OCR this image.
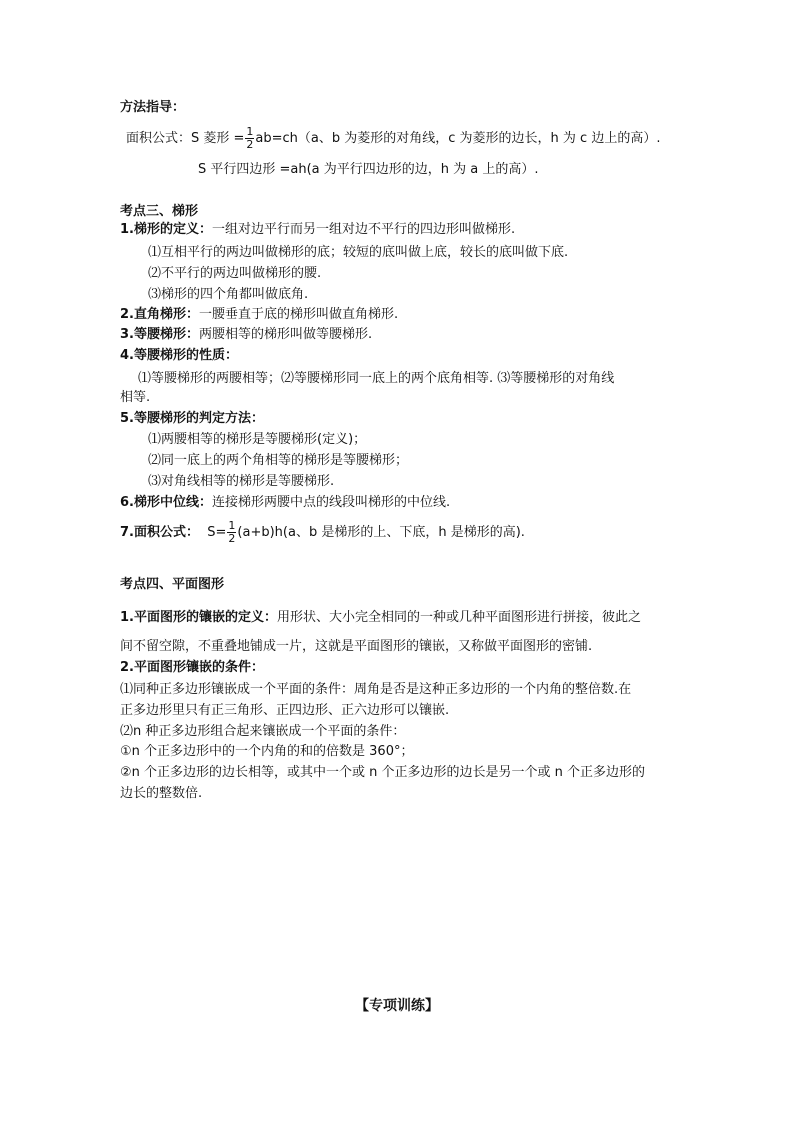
方法指导：
面积公式：S 菱形 = $\frac{1}{2} ab=ch(a$、b 为菱形的对角线，c 为菱形的边长，h 为 c 边上的高）.
S 平行四边形 =ah(a 为平行四边形的边，h 为 a 上的高）.
考点三、梯形
1.梯形的定义：一组对边平行而另一组对边不平行的四边形叫做梯形.
⑴互相平行的两边叫做梯形的底；较短的底叫做上底，较长的底叫做下底.
⑵不平行的两边叫做梯形的腰.
⑶梯形的四个角都叫做底角.
2.直角梯形：一腰垂直于底的梯形叫做直角梯形.
3.等腰梯形：两腰相等的梯形叫做等腰梯形.
4.等腰梯形的性质：
⑴等腰梯形的两腰相等；⑵等腰梯形同一底上的两个底角相等. ⑶等腰梯形的对角线
相等.
5.等腰梯形的判定方法：
⑴两腰相等的梯形是等腰梯形(定义)；
⑵同一底上的两个角相等的梯形是等腰梯形；
⑶对角线相等的梯形是等腰梯形.
6.梯形中位线：连接梯形两腰中点的线段叫梯形的中位线.
7.面积公式： $S= \frac{1}{2} (a+b)h(a$、b 是梯形的上、下底，h 是梯形的高).
考点四、平面图形
1.平面图形的镶嵌的定义：用形状、大小完全相同的一种或几种平面图形进行拼接，彼此之
间不留空隙，不重叠地铺成一片，这就是平面图形的镶嵌，又称做平面图形的密铺.
2.平面图形镶嵌的条件：
⑴同种正多边形镶嵌成一个平面的条件：周角是否是这种正多边形的一个内角的整倍数.在
正多边形里只有正三角形、正四边形、正六边形可以镶嵌.
⑵n 种正多边形组合起来镶嵌成一个平面的条件：
①n 个正多边形中的一个内角的和的倍数是 360°；
②n 个正多边形的边长相等，或其中一个或 n 个正多边形的边长是另一个或 n 个正多边形的
边长的整数倍.
【专项训练】
